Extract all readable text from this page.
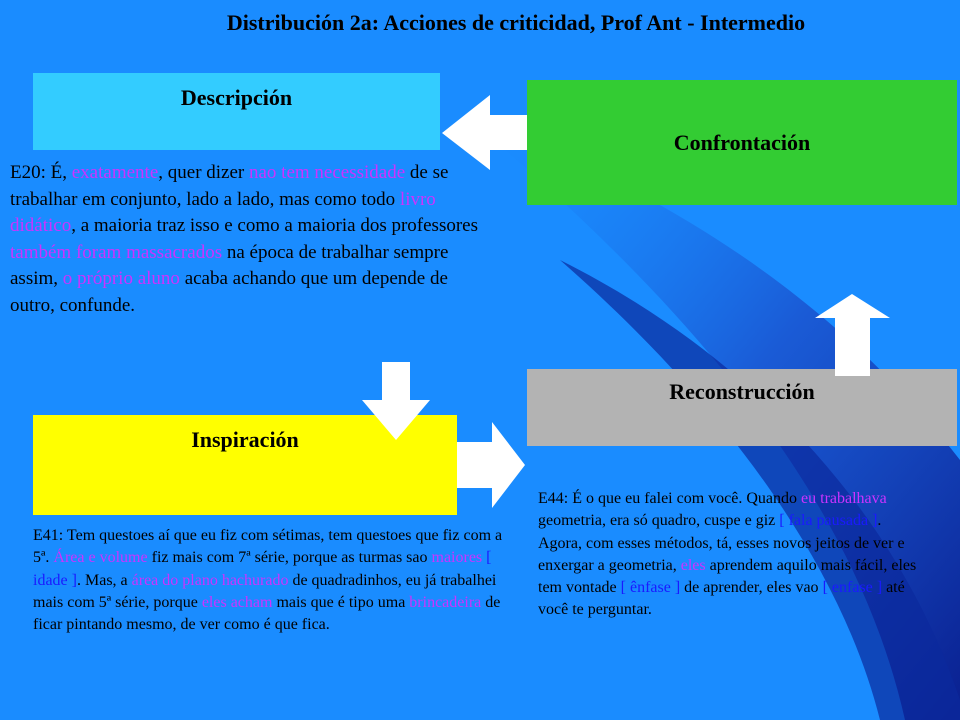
Distribución 2a: Acciones de criticidad, Prof Ant - Intermedio
Descripción
Confrontación
Reconstrucción
Inspiración
E20: É, exatamente, quer dizer nao tem necessidade de se trabalhar em conjunto, lado a lado, mas como todo livro didático, a maioria traz isso e como a maioria dos professores também foram massacrados na época de trabalhar sempre assim, o próprio aluno acaba achando que um depende de outro, confunde.
E41: Tem questoes aí que eu fiz com sétimas, tem questoes que fiz com a 5ª. Área e volume fiz mais com 7ª série, porque as turmas sao maiores [ idade ]. Mas, a área do plano hachurado de quadradinhos, eu já trabalhei mais com 5ª série, porque eles acham mais que é tipo uma brincadeira de ficar pintando mesmo, de ver como é que fica.
E44: É o que eu falei com você. Quando eu trabalhava geometria, era só quadro, cuspe e giz [ fala pausada ]. Agora, com esses métodos, tá, esses novos jeitos de ver e enxergar a geometria, eles aprendem aquilo mais fácil, eles tem vontade [ ênfase ] de aprender, eles vao [ enfase ] até você te perguntar.
